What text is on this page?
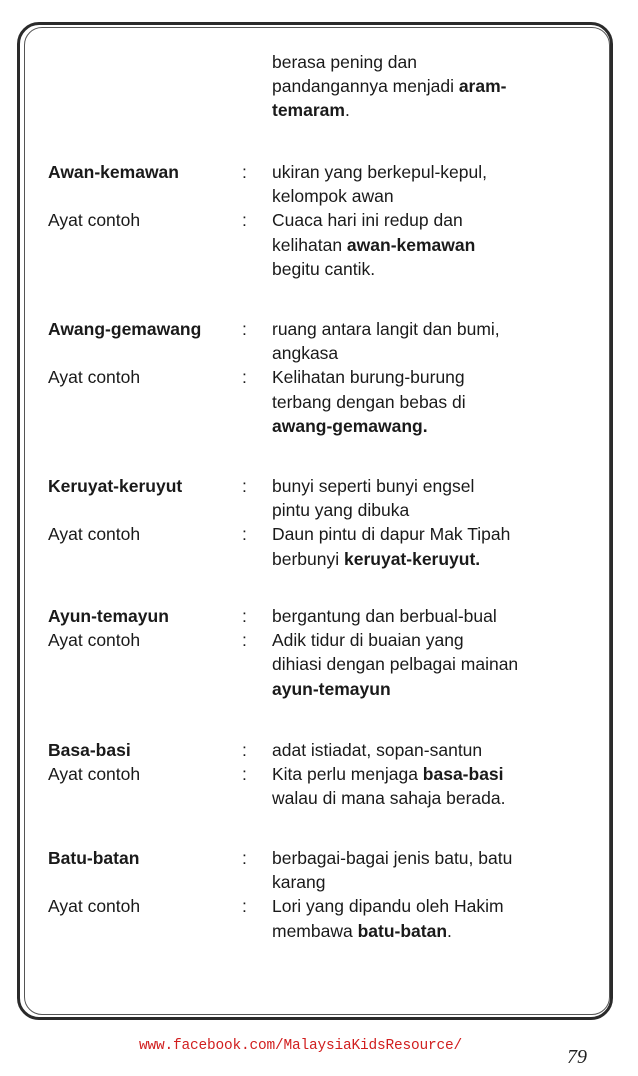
berasa pening dan
pandangannya menjadi aram-
temaram.
Awan-kemawan	:	ukiran yang berkepul-kepul,
kelompok awan
Ayat contoh	:	Cuaca hari ini redup dan
kelihatan awan-kemawan
begitu cantik.
Awang-gemawang	:	ruang antara langit dan bumi,
angkasa
Ayat contoh	:	Kelihatan burung-burung
terbang dengan bebas di
awang-gemawang.
Keruyat-keruyut	:	bunyi seperti bunyi engsel
pintu yang dibuka
Ayat contoh	:	Daun pintu di dapur Mak Tipah
berbunyi keruyat-keruyut.
Ayun-temayun	:	bergantung dan berbual-bual
Ayat contoh	:	Adik tidur di buaian yang
dihiasi dengan pelbagai mainan
ayun-temayun
Basa-basi	:	adat istiadat, sopan-santun
Ayat contoh	:	Kita perlu menjaga basa-basi
walau di mana sahaja berada.
Batu-batan	:	berbagai-bagai jenis batu, batu
karang
Ayat contoh	:	Lori yang dipandu oleh Hakim
membawa batu-batan.
www.facebook.com/MalaysiaKidsResource/	79
